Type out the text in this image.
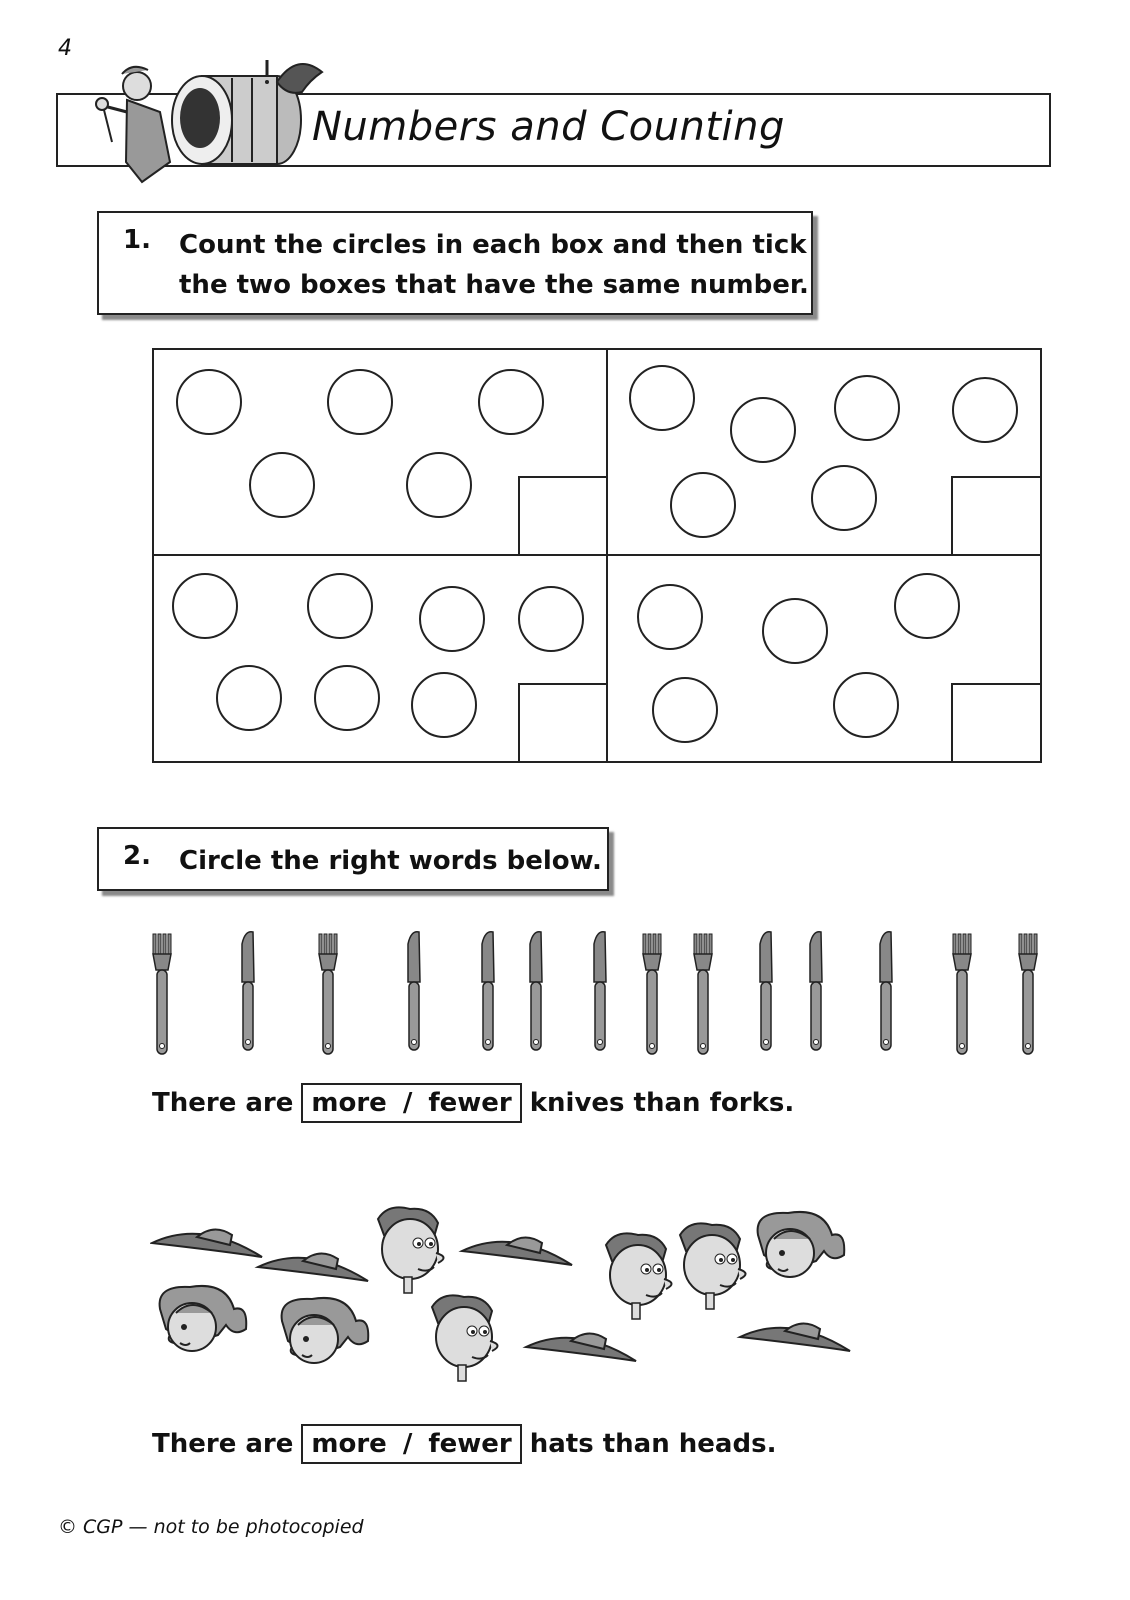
4
Numbers and Counting
1. Count the circles in each box and then tick
the two boxes that have the same number.
2. Circle the right words below.
There are more / fewer knives than forks.
There are more / fewer hats than heads.
© CGP — not to be photocopied
